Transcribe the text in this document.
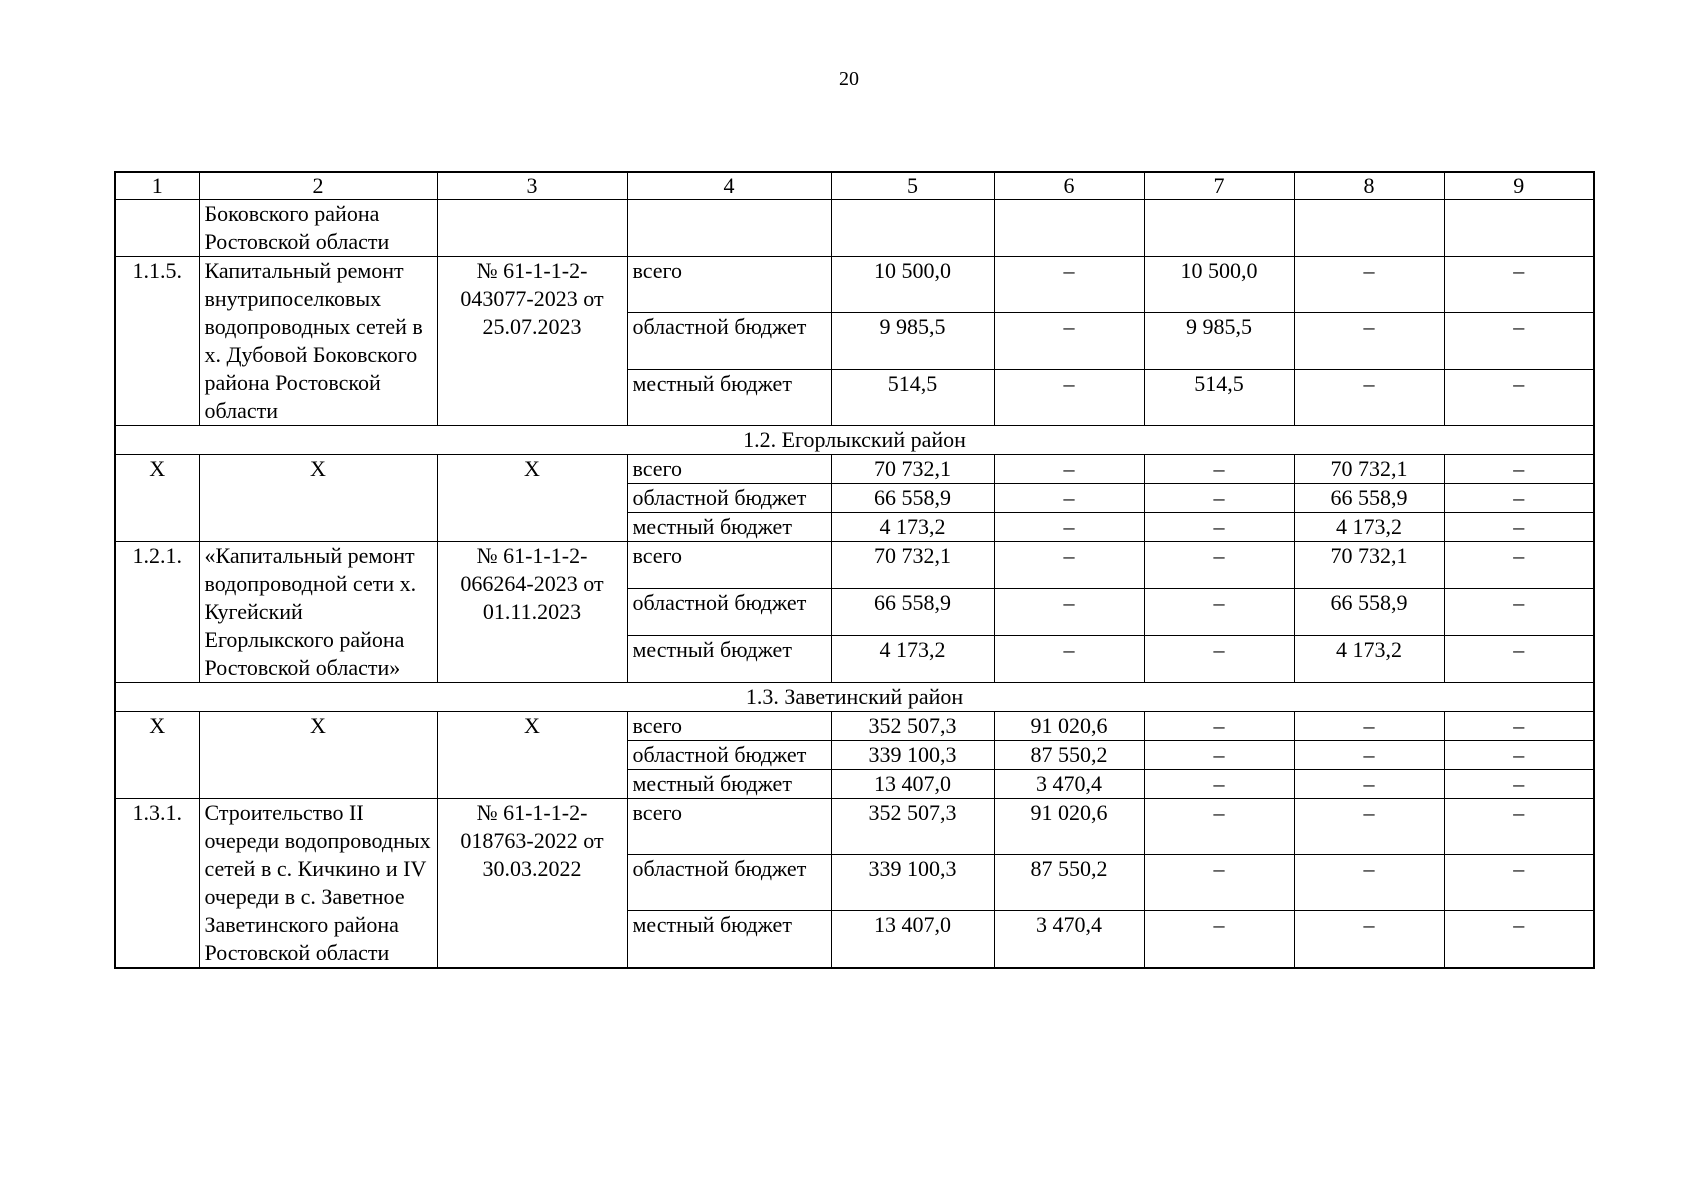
20
1	2	3	4	5	6	7	8	9
	Боковского района Ростовской области							
1.1.5.	Капитальный ремонт внутрипоселковых водопроводных сетей в х. Дубовой Боковского района Ростовской области	№ 61-1-1-2-043077-2023 от 25.07.2023	всего	10 500,0	–	10 500,0	–	–
			областной бюджет	9 985,5	–	9 985,5	–	–
			местный бюджет	514,5	–	514,5	–	–
1.2. Егорлыкский район								
Х	Х	Х	всего	70 732,1	–	–	70 732,1	–
			областной бюджет	66 558,9	–	–	66 558,9	–
			местный бюджет	4 173,2	–	–	4 173,2	–
1.2.1.	«Капитальный ремонт водопроводной сети х. Кугейский Егорлыкского района Ростовской области»	№ 61-1-1-2-066264-2023 от 01.11.2023	всего	70 732,1	–	–	70 732,1	–
			областной бюджет	66 558,9	–	–	66 558,9	–
			местный бюджет	4 173,2	–	–	4 173,2	–
1.3. Заветинский район								
Х	Х	Х	всего	352 507,3	91 020,6	–	–	–
			областной бюджет	339 100,3	87 550,2	–	–	–
			местный бюджет	13 407,0	3 470,4	–	–	–
1.3.1.	Строительство II очереди водопроводных сетей в с. Кичкино и IV очереди в с. Заветное Заветинского района Ростовской области	№ 61-1-1-2-018763-2022 от 30.03.2022	всего	352 507,3	91 020,6	–	–	–
			областной бюджет	339 100,3	87 550,2	–	–	–
			местный бюджет	13 407,0	3 470,4	–	–	–
